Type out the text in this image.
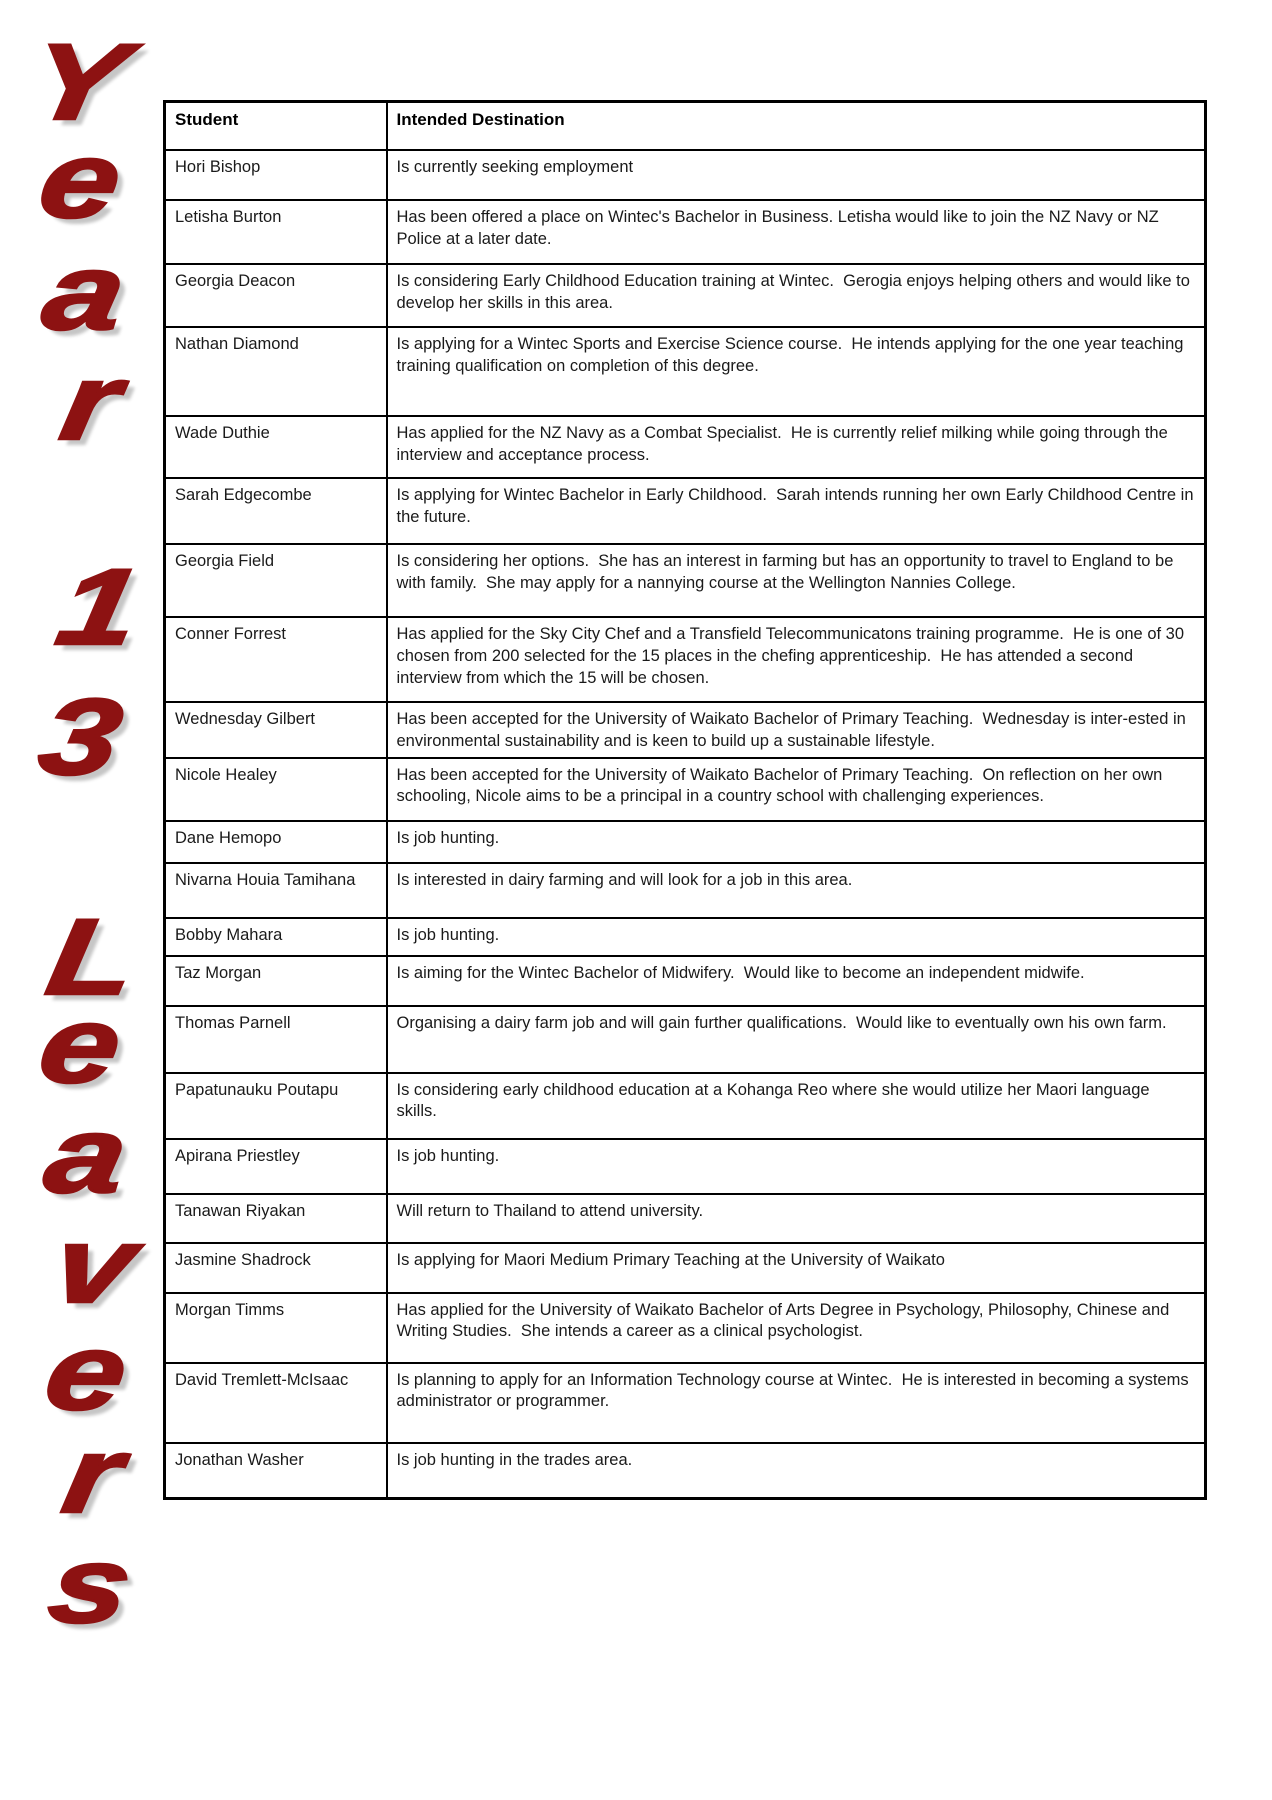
Y
e
a
r
1
3
L
e
a
v
e
r
s
Student	Intended Destination
Hori Bishop	Is currently seeking employment
Letisha Burton	Has been offered a place on Wintec's Bachelor in Business. Letisha would like to join the NZ Navy or NZ Police at a later date.
Georgia Deacon	Is considering Early Childhood Education training at Wintec.  Gerogia enjoys helping others and would like to develop her skills in this area.
Nathan Diamond	Is applying for a Wintec Sports and Exercise Science course.  He intends applying for the one year teaching training qualification on completion of this degree.
Wade Duthie	Has applied for the NZ Navy as a Combat Specialist.  He is currently relief milking while going through the interview and acceptance process.
Sarah Edgecombe	Is applying for Wintec Bachelor in Early Childhood.  Sarah intends running her own Early Childhood Centre in the future.
Georgia Field	Is considering her options.  She has an interest in farming but has an opportunity to travel to England to be with family.  She may apply for a nannying course at the Wellington Nannies College.
Conner Forrest	Has applied for the Sky City Chef and a Transfield Telecommunicatons training programme.  He is one of 30 chosen from 200 selected for the 15 places in the chefing apprenticeship.  He has attended a second interview from which the 15 will be chosen.
Wednesday Gilbert	Has been accepted for the University of Waikato Bachelor of Primary Teaching.  Wednesday is inter-ested in environmental sustainability and is keen to build up a sustainable lifestyle.
Nicole Healey	Has been accepted for the University of Waikato Bachelor of Primary Teaching.  On reflection on her own schooling, Nicole aims to be a principal in a country school with challenging experiences.
Dane Hemopo	Is job hunting.
Nivarna Houia Tamihana	Is interested in dairy farming and will look for a job in this area.
Bobby Mahara	Is job hunting.
Taz Morgan	Is aiming for the Wintec Bachelor of Midwifery.  Would like to become an independent midwife.
Thomas Parnell	Organising a dairy farm job and will gain further qualifications.  Would like to eventually own his own farm.
Papatunauku Poutapu	Is considering early childhood education at a Kohanga Reo where she would utilize her Maori language skills.
Apirana Priestley	Is job hunting.
Tanawan Riyakan	Will return to Thailand to attend university.
Jasmine Shadrock	Is applying for Maori Medium Primary Teaching at the University of Waikato
Morgan Timms	Has applied for the University of Waikato Bachelor of Arts Degree in Psychology, Philosophy, Chinese and Writing Studies.  She intends a career as a clinical psychologist.
David Tremlett-McIsaac	Is planning to apply for an Information Technology course at Wintec.  He is interested in becoming a systems administrator or programmer.
Jonathan Washer	Is job hunting in the trades area.
